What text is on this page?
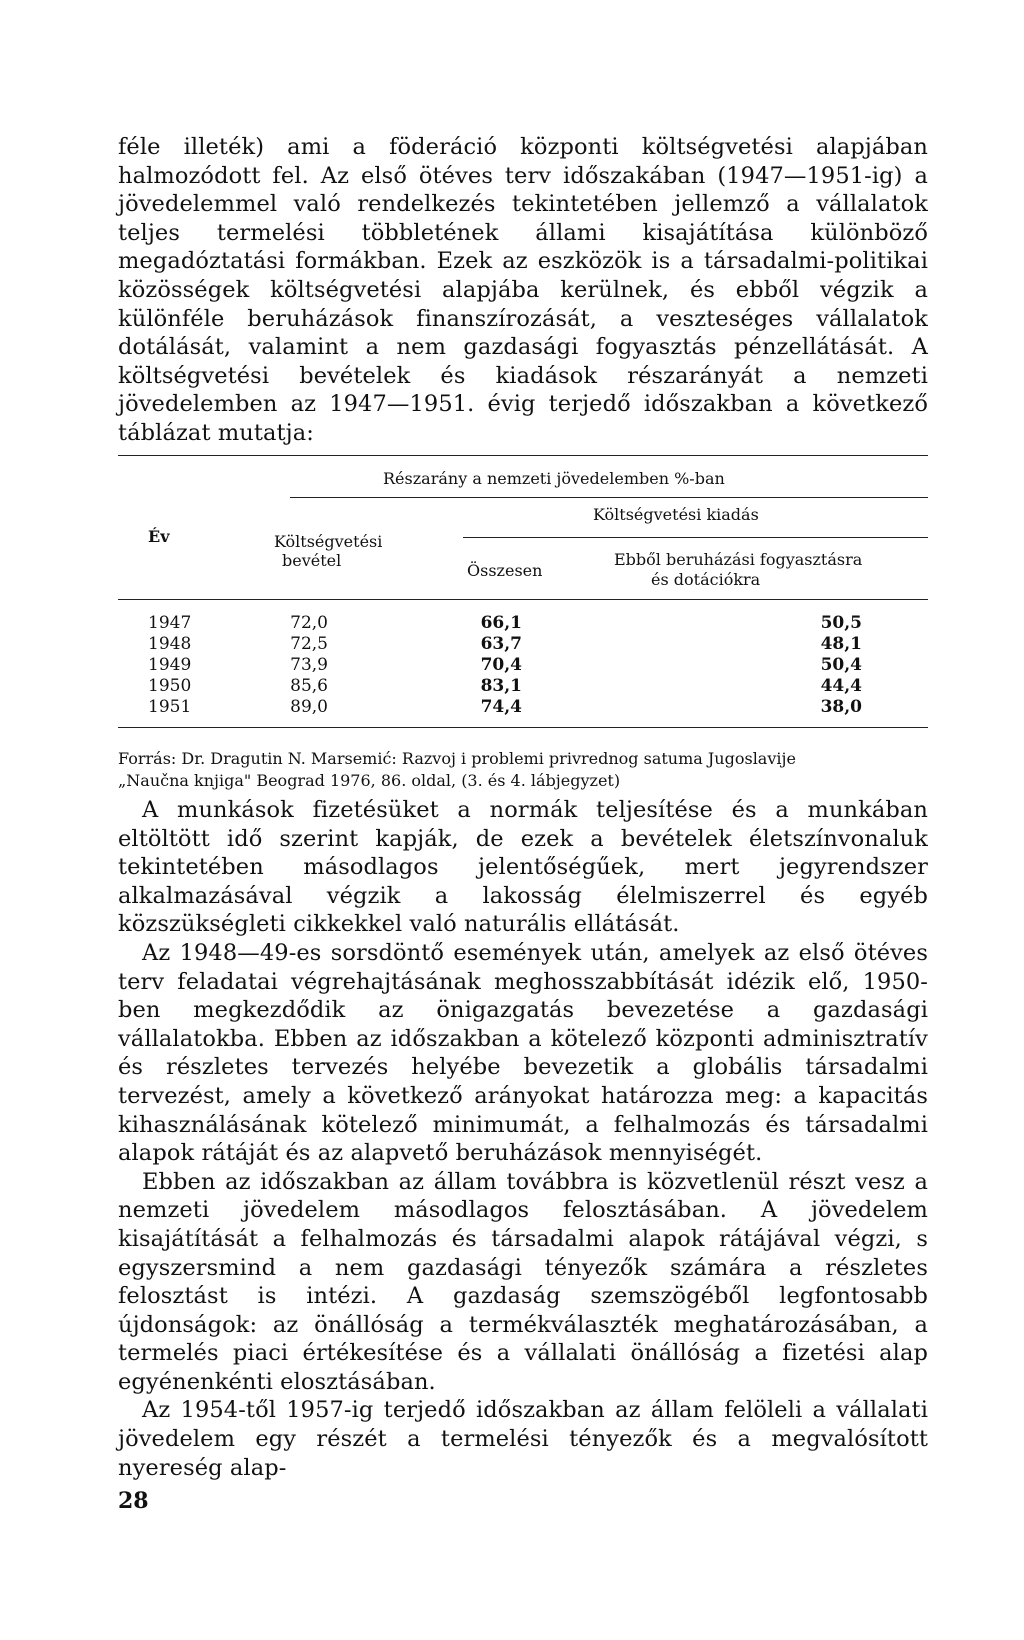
féle illeték) ami a föderáció központi költségvetési alapjában halmozódott fel. Az első ötéves terv időszakában (1947—1951-ig) a jövedelemmel való rendelkezés tekintetében jellemző a vállalatok teljes termelési többletének állami kisajátítása különböző megadóztatási formákban. Ezek az eszközök is a társadalmi-politikai közösségek költségvetési alapjába kerülnek, és ebből végzik a különféle beruházások finanszírozását, a veszteséges vállalatok dotálását, valamint a nem gazdasági fogyasztás pénzellátását. A költségvetési bevételek és kiadások részarányát a nemzeti jövedelemben az 1947—1951. évig terjedő időszakban a következő táblázat mutatja:

Részarány a nemzeti jövedelemben %-ban
Költségvetési kiadás
Év	Költségvetési
bevétel
Összesen
Ebből beruházási fogyasztásra
és dotációkra
1947	72,0	66,1	50,5
1948	72,5	63,7	48,1
1949	73,9	70,4	50,4
1950	85,6	83,1	44,4
1951	89,0	74,4	38,0
Forrás: Dr. Dragutin N. Marsemić: Razvoj i problemi privrednog satuma Jugoslavije
„Naučna knjiga" Beograd 1976, 86. oldal, (3. és 4. lábjegyzet)

A munkások fizetésüket a normák teljesítése és a munkában eltöltött idő szerint kapják, de ezek a bevételek életszínvonaluk tekintetében másodlagos jelentőségűek, mert jegyrendszer alkalmazásával végzik a lakosság élelmiszerrel és egyéb közszükségleti cikkekkel való naturális ellátását.

Az 1948—49-es sorsdöntő események után, amelyek az első ötéves terv feladatai végrehajtásának meghosszabbítását idézik elő, 1950-ben megkezdődik az önigazgatás bevezetése a gazdasági vállalatokba. Ebben az időszakban a kötelező központi adminisztratív és részletes tervezés helyébe bevezetik a globális társadalmi tervezést, amely a következő arányokat határozza meg: a kapacitás kihasználásának kötelező minimumát, a felhalmozás és társadalmi alapok rátáját és az alapvető beruházások mennyiségét.

Ebben az időszakban az állam továbbra is közvetlenül részt vesz a nemzeti jövedelem másodlagos felosztásában. A jövedelem kisajátítását a felhalmozás és társadalmi alapok rátájával végzi, s egyszersmind a nem gazdasági tényezők számára a részletes felosztást is intézi. A gazdaság szemszögéből legfontosabb újdonságok: az önállóság a termékválaszték meghatározásában, a termelés piaci értékesítése és a vállalati önállóság a fizetési alap egyénenkénti elosztásában.

Az 1954-től 1957-ig terjedő időszakban az állam felöleli a vállalati jövedelem egy részét a termelési tényezők és a megvalósított nyereség alap-

28
